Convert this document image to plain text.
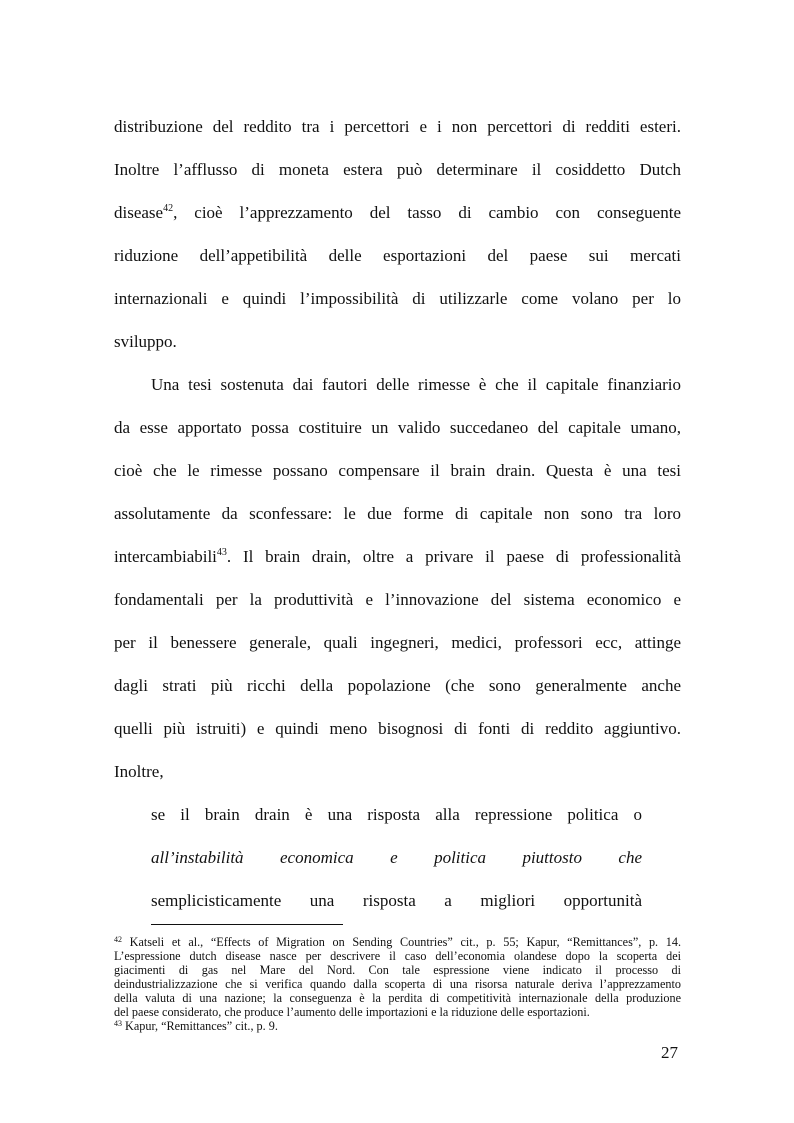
distribuzione del reddito tra i percettori e i non percettori di redditi esteri.
Inoltre l’afflusso di moneta estera può determinare il cosiddetto Dutch
disease$^{42}$, cioè l’apprezzamento del tasso di cambio con conseguente
riduzione dell’appetibilità delle esportazioni del paese sui mercati
internazionali e quindi l’impossibilità di utilizzarle come volano per lo
sviluppo.
Una tesi sostenuta dai fautori delle rimesse è che il capitale finanziario
da esse apportato possa costituire un valido succedaneo del capitale umano,
cioè che le rimesse possano compensare il brain drain. Questa è una tesi
assolutamente da sconfessare: le due forme di capitale non sono tra loro
intercambiabili$^{43}$. Il brain drain, oltre a privare il paese di professionalità
fondamentali per la produttività e l’innovazione del sistema economico e
per il benessere generale, quali ingegneri, medici, professori ecc, attinge
dagli strati più ricchi della popolazione (che sono generalmente anche
quelli più istruiti) e quindi meno bisognosi di fonti di reddito aggiuntivo.
Inoltre,
se il brain drain è una risposta alla repressione politica o
all’instabilità economica e politica piuttosto che
semplicisticamente una risposta a migliori opportunità
$^{42}$ Katseli et al., “Effects of Migration on Sending Countries” cit., p. 55; Kapur, “Remittances”, p. 14.
L’espressione dutch disease nasce per descrivere il caso dell’economia olandese dopo la scoperta dei
giacimenti di gas nel Mare del Nord. Con tale espressione viene indicato il processo di
deindustrializzazione che si verifica quando dalla scoperta di una risorsa naturale deriva l’apprezzamento
della valuta di una nazione; la conseguenza è la perdita di competitività internazionale della produzione
del paese considerato, che produce l’aumento delle importazioni e la riduzione delle esportazioni.
$^{43}$ Kapur, “Remittances” cit., p. 9.
27
